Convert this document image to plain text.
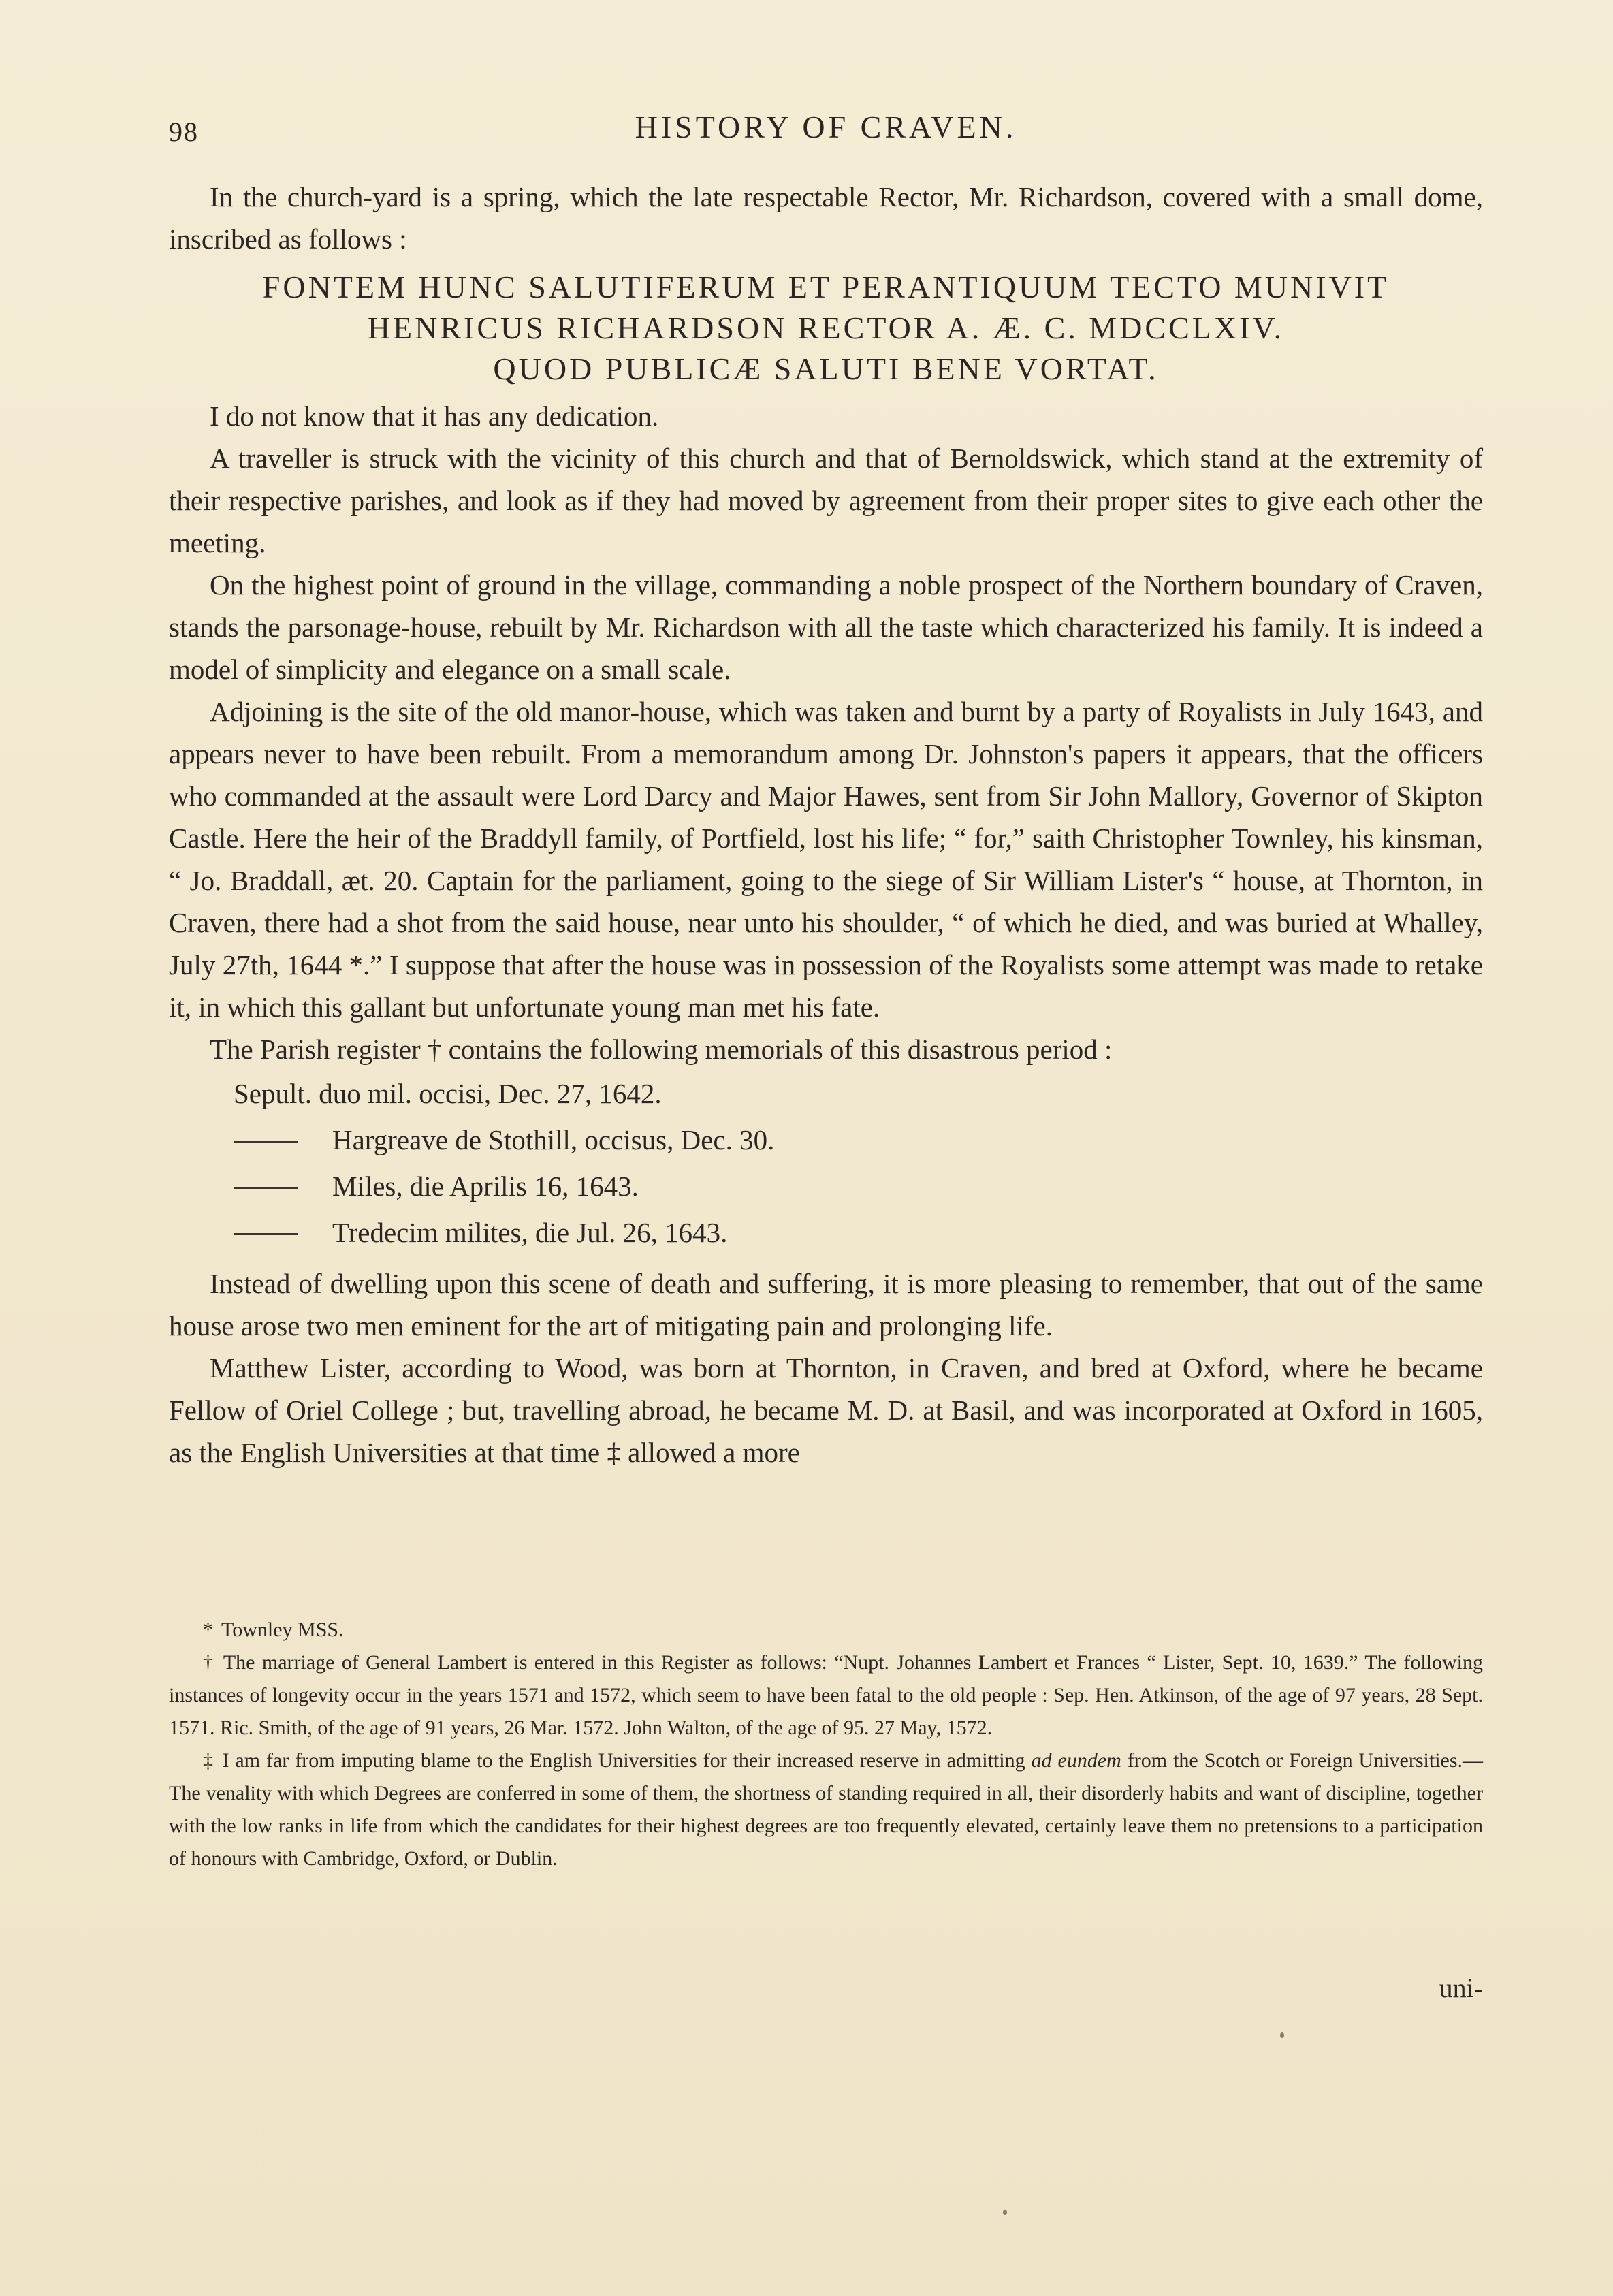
98	HISTORY OF CRAVEN.

In the church-yard is a spring, which the late respectable Rector, Mr. Richardson, covered with a small dome, inscribed as follows :

FONTEM HUNC SALUTIFERUM ET PERANTIQUUM TECTO MUNIVIT
HENRICUS RICHARDSON RECTOR A. Æ. C. MDCCLXIV.
QUOD PUBLICÆ SALUTI BENE VORTAT.

I do not know that it has any dedication.

A traveller is struck with the vicinity of this church and that of Bernoldswick, which stand at the extremity of their respective parishes, and look as if they had moved by agreement from their proper sites to give each other the meeting.

On the highest point of ground in the village, commanding a noble prospect of the Northern boundary of Craven, stands the parsonage-house, rebuilt by Mr. Richardson with all the taste which characterized his family. It is indeed a model of simplicity and elegance on a small scale.

Adjoining is the site of the old manor-house, which was taken and burnt by a party of Royalists in July 1643, and appears never to have been rebuilt. From a memorandum among Dr. Johnston's papers it appears, that the officers who commanded at the assault were Lord Darcy and Major Hawes, sent from Sir John Mallory, Governor of Skipton Castle. Here the heir of the Braddyll family, of Portfield, lost his life; “ for,” saith Christopher Townley, his kinsman, “ Jo. Braddall, æt. 20. Captain for the parliament, going to the siege of Sir William Lister's “ house, at Thornton, in Craven, there had a shot from the said house, near unto his shoulder, “ of which he died, and was buried at Whalley, July 27th, 1644 *.” I suppose that after the house was in possession of the Royalists some attempt was made to retake it, in which this gallant but unfortunate young man met his fate.

The Parish register † contains the following memorials of this disastrous period :

Sepult. duo mil. occisi, Dec. 27, 1642.
Hargreave de Stothill, occisus, Dec. 30.
Miles, die Aprilis 16, 1643.
Tredecim milites, die Jul. 26, 1643.

Instead of dwelling upon this scene of death and suffering, it is more pleasing to remember, that out of the same house arose two men eminent for the art of mitigating pain and prolonging life.

Matthew Lister, according to Wood, was born at Thornton, in Craven, and bred at Oxford, where he became Fellow of Oriel College ; but, travelling abroad, he became M. D. at Basil, and was incorporated at Oxford in 1605, as the English Universities at that time ‡ allowed a more

* Townley MSS.

† The marriage of General Lambert is entered in this Register as follows: “Nupt. Johannes Lambert et Frances “ Lister, Sept. 10, 1639.” The following instances of longevity occur in the years 1571 and 1572, which seem to have been fatal to the old people : Sep. Hen. Atkinson, of the age of 97 years, 28 Sept. 1571. Ric. Smith, of the age of 91 years, 26 Mar. 1572. John Walton, of the age of 95. 27 May, 1572.

‡ I am far from imputing blame to the English Universities for their increased reserve in admitting ad eundem from the Scotch or Foreign Universities.—The venality with which Degrees are conferred in some of them, the shortness of standing required in all, their disorderly habits and want of discipline, together with the low ranks in life from which the candidates for their highest degrees are too frequently elevated, certainly leave them no pretensions to a participation of honours with Cambridge, Oxford, or Dublin.

uni-
